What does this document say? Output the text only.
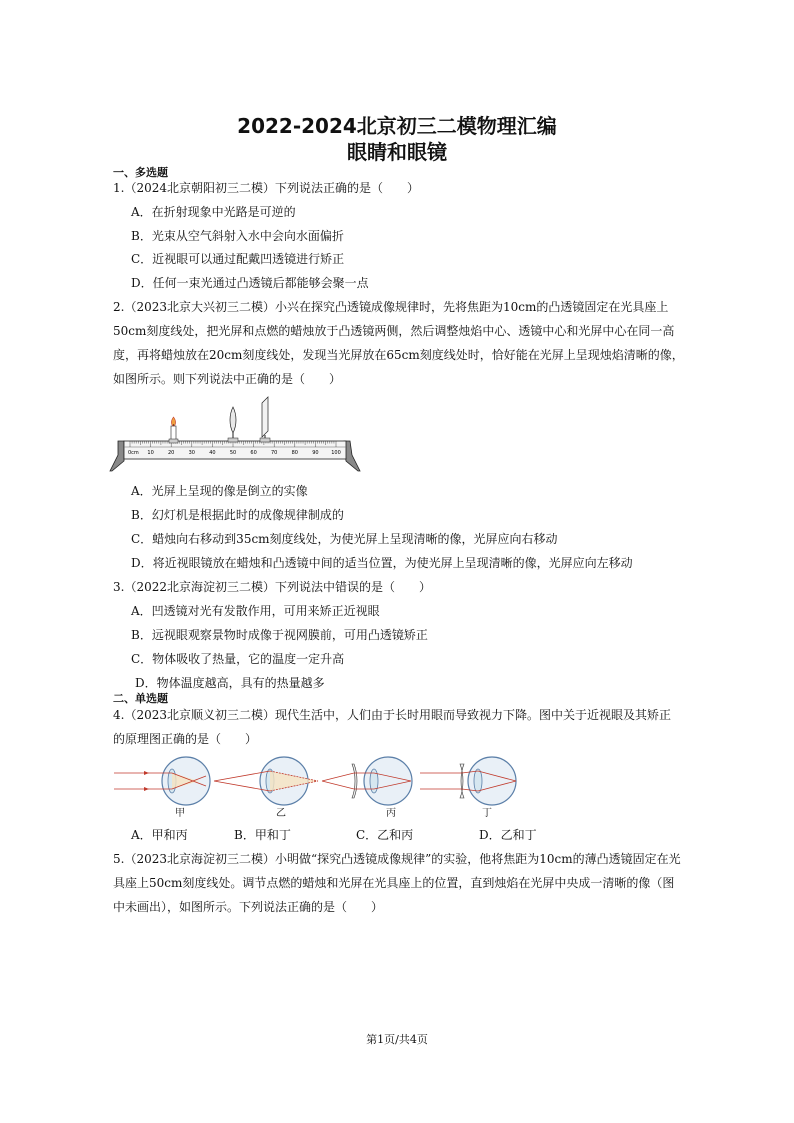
2022-2024北京初三二模物理汇编
眼睛和眼镜
一、多选题
1.（2024北京朝阳初三二模）下列说法正确的是（　　）
A．在折射现象中光路是可逆的
B．光束从空气斜射入水中会向水面偏折
C．近视眼可以通过配戴凹透镜进行矫正
D．任何一束光通过凸透镜后都能够会聚一点
2.（2023北京大兴初三二模）小兴在探究凸透镜成像规律时，先将焦距为10cm的凸透镜固定在光具座上
50cm刻度线处，把光屏和点燃的蜡烛放于凸透镜两侧，然后调整烛焰中心、透镜中心和光屏中心在同一高
度，再将蜡烛放在20cm刻度线处，发现当光屏放在65cm刻度线处时，恰好能在光屏上呈现烛焰清晰的像，
如图所示。则下列说法中正确的是（　　）
0cm 10	20	30	40	50	60	70	80	90	100
A．光屏上呈现的像是倒立的实像
B．幻灯机是根据此时的成像规律制成的
C．蜡烛向右移动到35cm刻度线处，为使光屏上呈现清晰的像，光屏应向右移动
D．将近视眼镜放在蜡烛和凸透镜中间的适当位置，为使光屏上呈现清晰的像，光屏应向左移动
3.（2022北京海淀初三二模）下列说法中错误的是（　　）
A．凹透镜对光有发散作用，可用来矫正近视眼
B．远视眼观察景物时成像于视网膜前，可用凸透镜矫正
C．物体吸收了热量，它的温度一定升高
D．物体温度越高，具有的热量越多
二、单选题
4.（2023北京顺义初三二模）现代生活中，人们由于长时用眼而导致视力下降。图中关于近视眼及其矫正
的原理图正确的是（　　）
甲	乙	丙	丁
A．甲和丙	B．甲和丁	C．乙和丙	D．乙和丁
5.（2023北京海淀初三二模）小明做“探究凸透镜成像规律”的实验，他将焦距为10cm的薄凸透镜固定在光
具座上50cm刻度线处。调节点燃的蜡烛和光屏在光具座上的位置，直到烛焰在光屏中央成一清晰的像（图
中未画出），如图所示。下列说法正确的是（　　）
第1页/共4页
